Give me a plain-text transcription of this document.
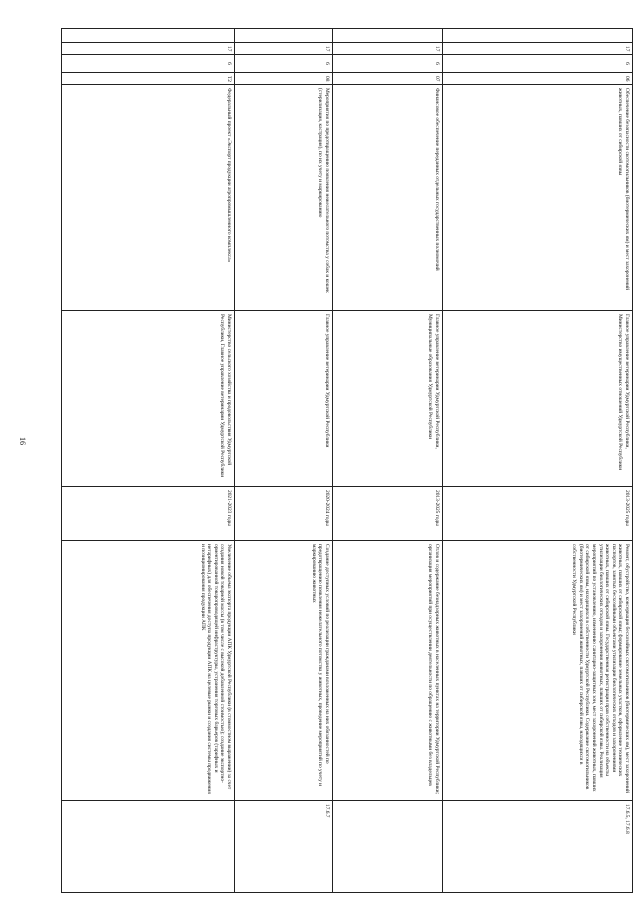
16
17
6
06
Обеспечение безопасности скотомогильников (биотермических ям) и мест захоронений животных, павших от сибирской язвы
Главное управление ветеринарии Удмуртской Республики, Министерство имущественных отношений Удмуртской Республики
2013-2025 годы
Ремонт, обустройство, консервация бесхозяйных скотомогильников (биотермических ям), мест захоронений животных, павших от сибирской язвы; формирование земельных участков, оформление технических паспортов, занятых бесхозяйными объектами утилизации биологических отходов и захоронениями животных, павших от сибирской язвы. Государственная регистрация прав собственности на объекты утилизации биологических отходов и захоронения животных, павших от сибирской язвы. Реализация мероприятий по установлению, изменению санитарно-защитных зон, мест захоронений животных, павших от сибирской язвы, находящихся в собственности Удмуртской Республики. Содержание скотомогильников (биотермических ям) и мест захоронений животных, павших от сибирской язвы, находящихся в собственности Удмуртской Республики
17.6.5, 17.6.8
17
6
07
Финансовое обеспечение переданных отдельных государственных полномочий
Главное управление ветеринарии Удмуртской Республики, Муниципальные образования Удмуртской Республики
2013-2025 годы
Отлов и содержание безнадзорных животных в населенных пунктах на территории Удмуртской Республики; организация мероприятий при осуществлении деятельности по обращению с животными без владельцев
17
6
08
Мероприятия по предотвращению появления нежелательного потомства у собак и кошек (стерилизация, кастрация), по их учету и маркированию
Главное управление ветеринарии Удмуртской Республики
2020-2024 годы
Создание доступных условий по реализации гражданами возложенных на них обязанностей по предотвращению появления нежелательного потомства у животных, проведение мероприятий по учету и маркированию животных
17.6.7
17
6
T2
Федеральный проект «Экспорт продукции агропромышленного комплекса»
Министерство сельского хозяйства и продовольствия Удмуртской Республики, Главное управление ветеринарии Удмуртской Республики
2021-2023 годы
Увеличение объема экспорта продукции АПК Удмуртской Республики (в стоимостном выражении) за счет создания новой товарной массы (в том числе с высокой добавленной стоимостью); создание экспортно-ориентированной товаропроводящей инфраструктуры, устранения торговых барьеров (тарифных и нетарифных) для обеспечения доступа продукции АПК на целевые рынки и создания системы продвижения и позиционирования продукции АПК
